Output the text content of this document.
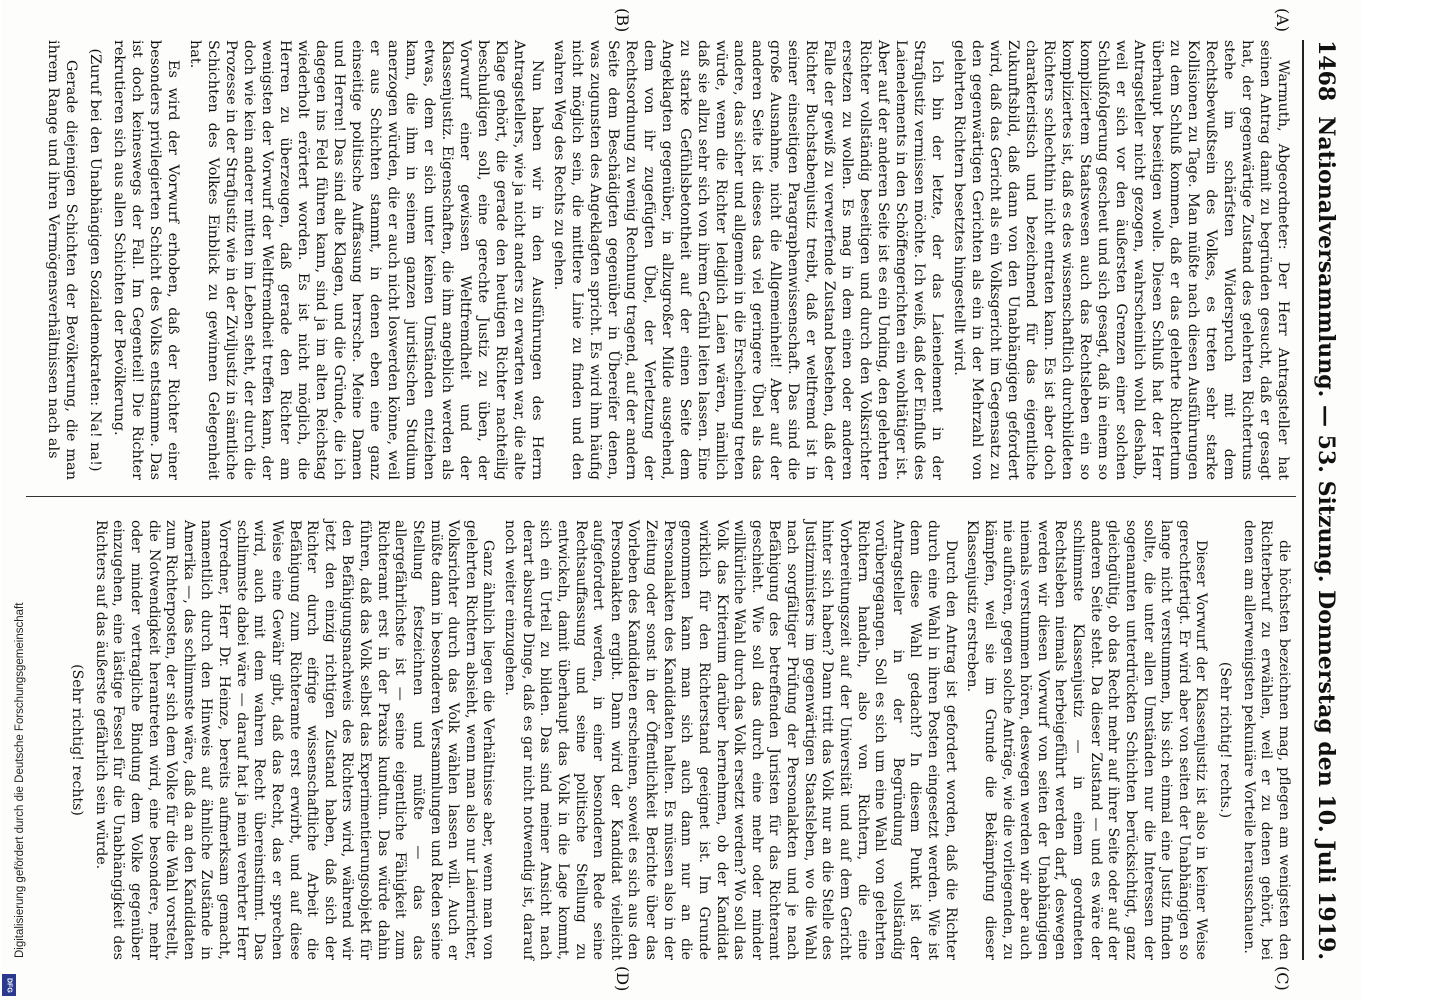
1468
Nationalversammlung. — 53. Sitzung. Donnerstag den 10. Juli 1919.
(A)
(B)
(C)
(D)

Warmuth, Abgeordneter: Der Herr Antragsteller hat seinen Antrag damit zu begründen gesucht, daß er gesagt hat, der gegenwärtige Zustand des gelehrten Richtertums stehe im schärfsten Widerspruch mit dem Rechtsbewußtsein des Volkes, es treten sehr starke Kollisionen zu Tage. Man müßte nach diesen Ausführungen zu dem Schluß kommen, daß er das gelehrte Richtertum überhaupt beseitigen wolle. Diesen Schluß hat der Herr Antragsteller nicht gezogen, wahrscheinlich wohl deshalb, weil er sich vor den äußersten Grenzen einer solchen Schlußfolgerung gescheut und sich gesagt, daß in einem so kompliziertem Staatswesen auch das Rechtsleben ein so kompliziertes ist, daß es des wissenschaftlich durchbildeten Richters schlechthin nicht entraten kann. Es ist aber doch charakteristisch und bezeichnend für das eigentliche Zukunftsbild, daß dann von den Unabhängigen gefordert wird, daß das Gericht als ein Volksgericht im Gegensatz zu den gegenwärtigen Gerichten als ein in der Mehrzahl von gelehrten Richtern besetztes hingestellt wird.

Ich bin der letzte, der das Laienelement in der Strafjustiz vermissen möchte. Ich weiß, daß der Einfluß des Laienelements in den Schöffengerichten ein wohltätiger ist. Aber auf der anderen Seite ist es ein Unding, den gelehrten Richter vollständig beseitigen und durch den Volksrichter ersetzen zu wollen. Es mag in dem einen oder anderen Falle der gewiß zu verwerfende Zustand bestehen, daß der Richter Buchstabenjustiz treibt, daß er weltfremd ist in seiner einseitigen Paragraphenwissenschaft. Das sind die große Ausnahme, nicht die Allgemeinheit! Aber auf der anderen Seite ist dieses das viel geringere Übel als das andere, das sicher und allgemein in die Erscheinung treten würde, wenn die Richter lediglich Laien wären, nämlich daß sie allzu sehr sich von ihrem Gefühl leiten lassen. Eine zu starke Gefühlsbetontheit auf der einen Seite dem Angeklagten gegenüber, in allzugroßer Milde ausgehend, dem von ihr zugefügten Übel, der Verletzung der Rechtsordnung zu wenig Rechnung tragend, auf der andern Seite dem Beschädigten gegenüber in Übereifer denen, was zugunsten des Angeklagten spricht. Es wird ihm häufig nicht möglich sein, die mittlere Linie zu finden und den wahren Weg des Rechts zu gehen.

Nun haben wir in den Ausführungen des Herrn Antragstellers, wie ja nicht anders zu erwarten war, die alte Klage gehört, die gerade den heutigen Richter nachteilig beschuldigen soll, eine gerechte Justiz zu üben, der Vorwurf einer gewissen Weltfremdheit und der Klassenjustiz. Eigenschaften, die ihm angeblich werden als etwas, dem er sich unter keinen Umständen entziehen kann, die ihm in seinem ganzen juristischen Studium anerzogen würden, die er auch nicht loswerden könne, weil er aus Schichten stammt, in denen eben eine ganz einseitige politische Auffassung herrsche. Meine Damen und Herren! Das sind alte Klagen, und die Gründe, die ich dagegen ins Feld führen kann, sind ja im alten Reichstag wiederholt erörtert worden. Es ist nicht möglich, die Herren zu überzeugen, daß gerade den Richter am wenigsten der Vorwurf der Weltfremdheit treffen kann, der doch wie kein anderer mitten im Leben steht, der durch die Prozesse in der Strafjustiz wie in der Ziviljustiz in sämtliche Schichten des Volkes Einblick zu gewinnen Gelegenheit hat.

Es wird der Vorwurf erhoben, daß der Richter einer besonders privilegierten Schicht des Volks entstamme. Das ist doch keineswegs der Fall. Im Gegenteil! Die Richter rekrutieren sich aus allen Schichten der Bevölkerung.

(Zuruf bei den Unabhängigen Sozialdemokraten: Na! na!)

Gerade diejenigen Schichten der Bevölkerung, die man ihrem Range und ihren Vermögensverhältnissen nach als

die höchsten bezeichnen mag, pflegen am wenigsten den Richterberuf zu erwählen, weil er zu denen gehört, bei denen am allerwenigsten pekuniäre Vorteile herausschauen.

(Sehr richtig! rechts.)

Dieser Vorwurf der Klassenjustiz ist also in keiner Weise gerechtfertigt. Er wird aber von seiten der Unabhängigen so lange nicht verstummen, bis sich einmal eine Justiz finden sollte, die unter allen Umständen nur die Interessen der sogenannten unterdrückten Schichten berücksichtigt, ganz gleichgültig, ob das Recht mehr auf ihrer Seite oder auf der anderen Seite steht. Da dieser Zustand — und es wäre der schlimmste Klassenjustiz — in einem geordneten Rechtsleben niemals herbeigeführt werden darf, deswegen werden wir diesen Vorwurf von seiten der Unabhängigen niemals verstummen hören, deswegen werden wir aber auch nie aufhören, gegen solche Anträge, wie die vorliegenden, zu kämpfen, weil sie im Grunde die Bekämpfung dieser Klassenjustiz erstreben.

Durch den Antrag ist gefordert worden, daß die Richter durch eine Wahl in ihren Posten eingesetzt werden. Wie ist denn diese Wahl gedacht? In diesem Punkt ist der Antragsteller in der Begründung vollständig vorübergegangen. Soll es sich um eine Wahl von gelehrten Richtern handeln, also von Richtern, die eine Vorbereitungszeit auf der Universität und auf dem Gericht hinter sich haben? Dann tritt das Volk nur an die Stelle des Justizministers im gegenwärtigen Staatsleben, wo die Wahl nach sorgfältiger Prüfung der Personalakten und je nach Befähigung des betreffenden Juristen für das Richteramt geschieht. Wie soll das durch eine mehr oder minder willkürliche Wahl durch das Volk ersetzt werden? Wo soll das Volk das Kriterium darüber hernehmen, ob der Kandidat wirklich für den Richterstand geeignet ist. Im Grunde genommen kann man sich auch dann nur an die Personalakten des Kandidaten halten. Es müssen also in der Zeitung oder sonst in der Öffentlichkeit Berichte über das Vorleben des Kandidaten erscheinen, soweit es sich aus den Personalakten ergibt. Dann wird der Kandidat vielleicht aufgefordert werden, in einer besonderen Rede seine Rechtsauffassung und seine politische Stellung zu entwickeln, damit überhaupt das Volk in die Lage kommt, sich ein Urteil zu bilden. Das sind meiner Ansicht nach derart absurde Dinge, daß es gar nicht notwendig ist, darauf noch weiter einzugehen.

Ganz ähnlich liegen die Verhältnisse aber, wenn man von gelehrten Richtern absieht, wenn man also nur Laienrichter, Volksrichter durch das Volk wählen lassen will. Auch er müßte dann in besonderen Versammlungen und Reden seine Stellung festzeichnen und müßte — das das allergefährlichste ist — seine eigentliche Fähigkeit zum Richteramt erst in der Praxis kundtun. Das würde dahin führen, daß das Volk selbst das Experimentierungsobjekt für den Befähigungsnachweis des Richters wird, während wir jetzt den einzig richtigen Zustand haben, daß sich der Richter durch eifrige wissenschaftliche Arbeit die Befähigung zum Richteramte erst erwirbt, und auf diese Weise eine Gewähr gibt, daß das Recht, das er sprechen wird, auch mit dem wahren Recht übereinstimmt. Das schlimmste dabei wäre — darauf hat ja mein verehrter Herr Vorredner, Herr Dr. Heinze, bereits aufmerksam gemacht, namentlich durch den Hinweis auf ähnliche Zustände in Amerika —, das schlimmste wäre, daß da an den Kandidaten zum Richterposten, der sich dem Volke für die Wahl vorstellt, die Notwendigkeit herantreten wird, eine besondere, mehr oder minder vertragliche Bindung dem Volke gegenüber einzugehen, eine lästige Fessel für die Unabhängigkeit des Richters auf das äußerste gefährlich sein würde.

(Sehr richtig! rechts)

Digitalisierung gefördert durch die Deutsche Forschungsgemeinschaft
DFG
